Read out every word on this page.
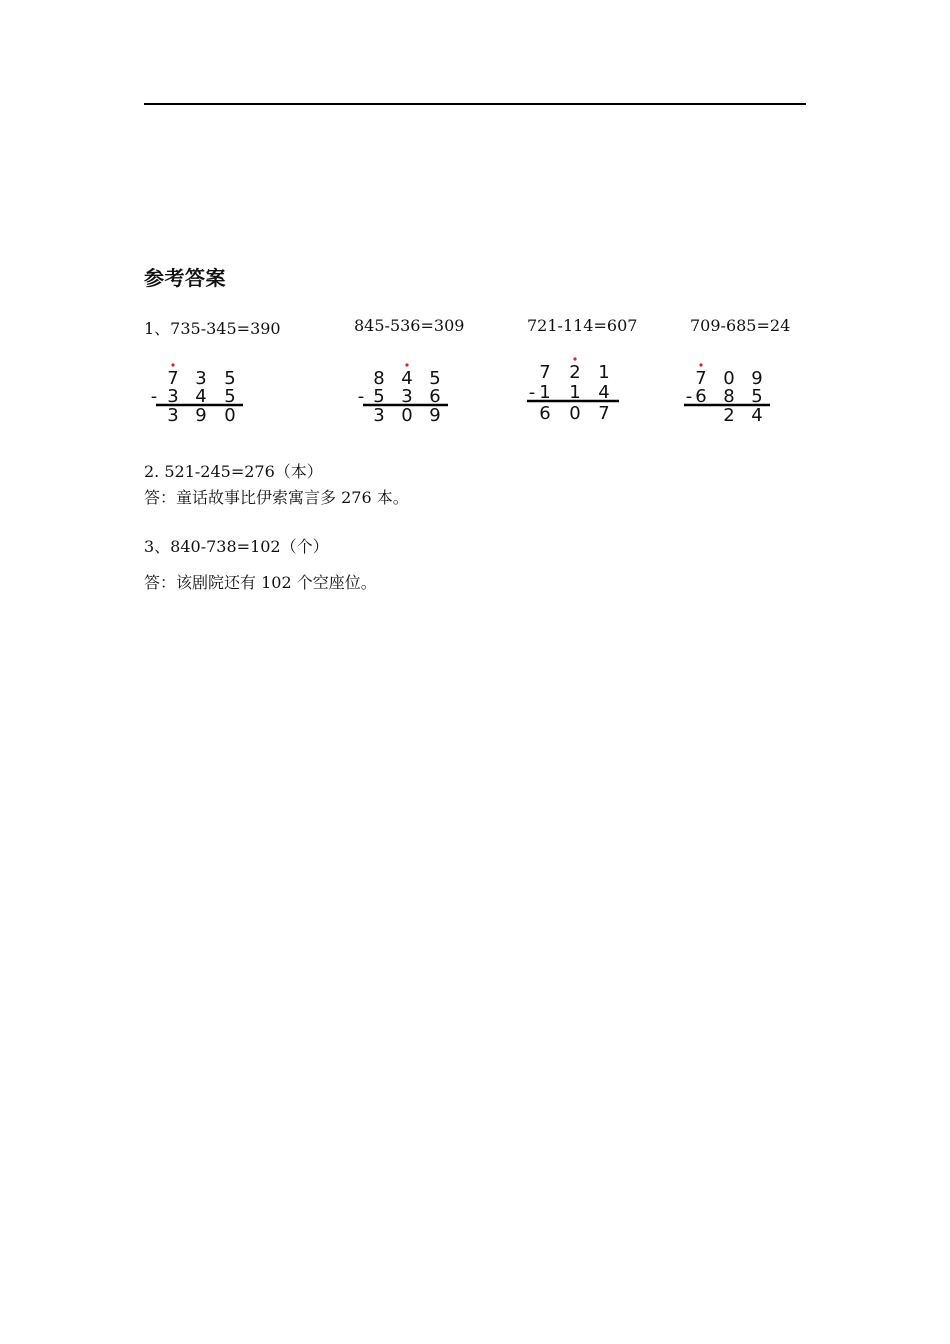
参考答案
1、735-345=390	845-536=309	721-114=607	709-685=24
7 3 5
- 3 4 5
3 9 0
8 4 5
- 5 3 6
3 0 9
7 2 1
- 1 1 4
6 0 7
7 0 9
- 6 8 5
2 4
2. 521-245=276（本）
答：童话故事比伊索寓言多 276 本。
3、840-738=102（个）
答：该剧院还有 102 个空座位。
